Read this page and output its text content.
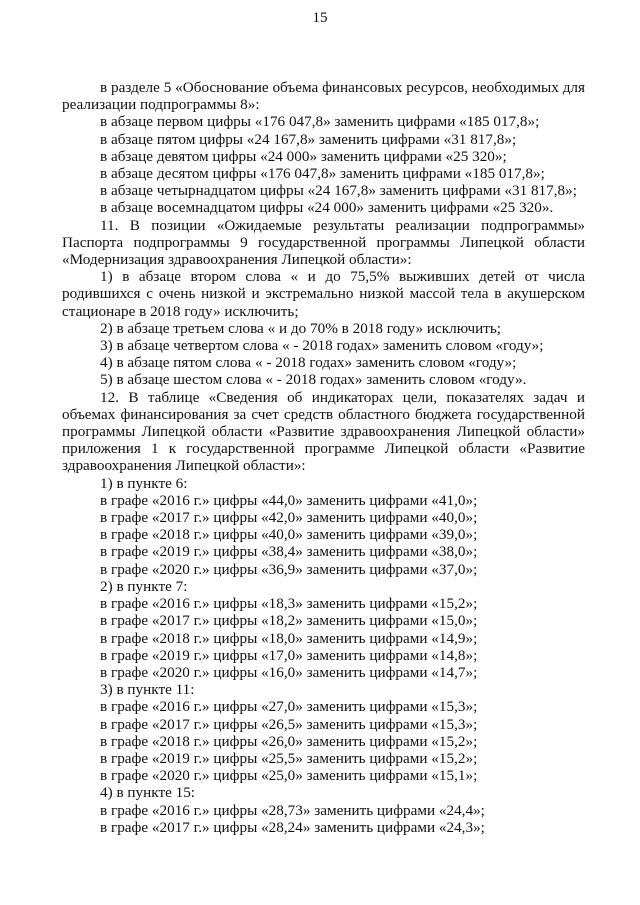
15
в разделе 5 «Обоснование объема финансовых ресурсов, необходимых для
реализации подпрограммы 8»:
в абзаце первом цифры «176 047,8» заменить цифрами «185 017,8»;
в абзаце пятом цифры «24 167,8» заменить цифрами «31 817,8»;
в абзаце девятом цифры «24 000» заменить цифрами «25 320»;
в абзаце десятом цифры «176 047,8» заменить цифрами «185 017,8»;
в абзаце четырнадцатом цифры «24 167,8» заменить цифрами «31 817,8»;
в абзаце восемнадцатом цифры «24 000» заменить цифрами «25 320».
11. В позиции «Ожидаемые результаты реализации подпрограммы»
Паспорта подпрограммы 9 государственной программы Липецкой области
«Модернизация здравоохранения Липецкой области»:
1) в абзаце втором слова « и до 75,5% выживших детей от числа
родившихся с очень низкой и экстремально низкой массой тела в акушерском
стационаре в 2018 году» исключить;
2) в абзаце третьем слова « и до 70% в 2018 году» исключить;
3) в абзаце четвертом слова « - 2018 годах» заменить словом «году»;
4) в абзаце пятом слова « - 2018 годах» заменить словом «году»;
5) в абзаце шестом слова « - 2018 годах» заменить словом «году».
12. В таблице «Сведения об индикаторах цели, показателях задач и
объемах финансирования за счет средств областного бюджета государственной
программы Липецкой области «Развитие здравоохранения Липецкой области»
приложения 1 к государственной программе Липецкой области «Развитие
здравоохранения Липецкой области»:
1) в пункте 6:
в графе «2016 г.» цифры «44,0» заменить цифрами «41,0»;
в графе «2017 г.» цифры «42,0» заменить цифрами «40,0»;
в графе «2018 г.» цифры «40,0» заменить цифрами «39,0»;
в графе «2019 г.» цифры «38,4» заменить цифрами «38,0»;
в графе «2020 г.» цифры «36,9» заменить цифрами «37,0»;
2) в пункте 7:
в графе «2016 г.» цифры «18,3» заменить цифрами «15,2»;
в графе «2017 г.» цифры «18,2» заменить цифрами «15,0»;
в графе «2018 г.» цифры «18,0» заменить цифрами «14,9»;
в графе «2019 г.» цифры «17,0» заменить цифрами «14,8»;
в графе «2020 г.» цифры «16,0» заменить цифрами «14,7»;
3) в пункте 11:
в графе «2016 г.» цифры «27,0» заменить цифрами «15,3»;
в графе «2017 г.» цифры «26,5» заменить цифрами «15,3»;
в графе «2018 г.» цифры «26,0» заменить цифрами «15,2»;
в графе «2019 г.» цифры «25,5» заменить цифрами «15,2»;
в графе «2020 г.» цифры «25,0» заменить цифрами «15,1»;
4) в пункте 15:
в графе «2016 г.» цифры «28,73» заменить цифрами «24,4»;
в графе «2017 г.» цифры «28,24» заменить цифрами «24,3»;
